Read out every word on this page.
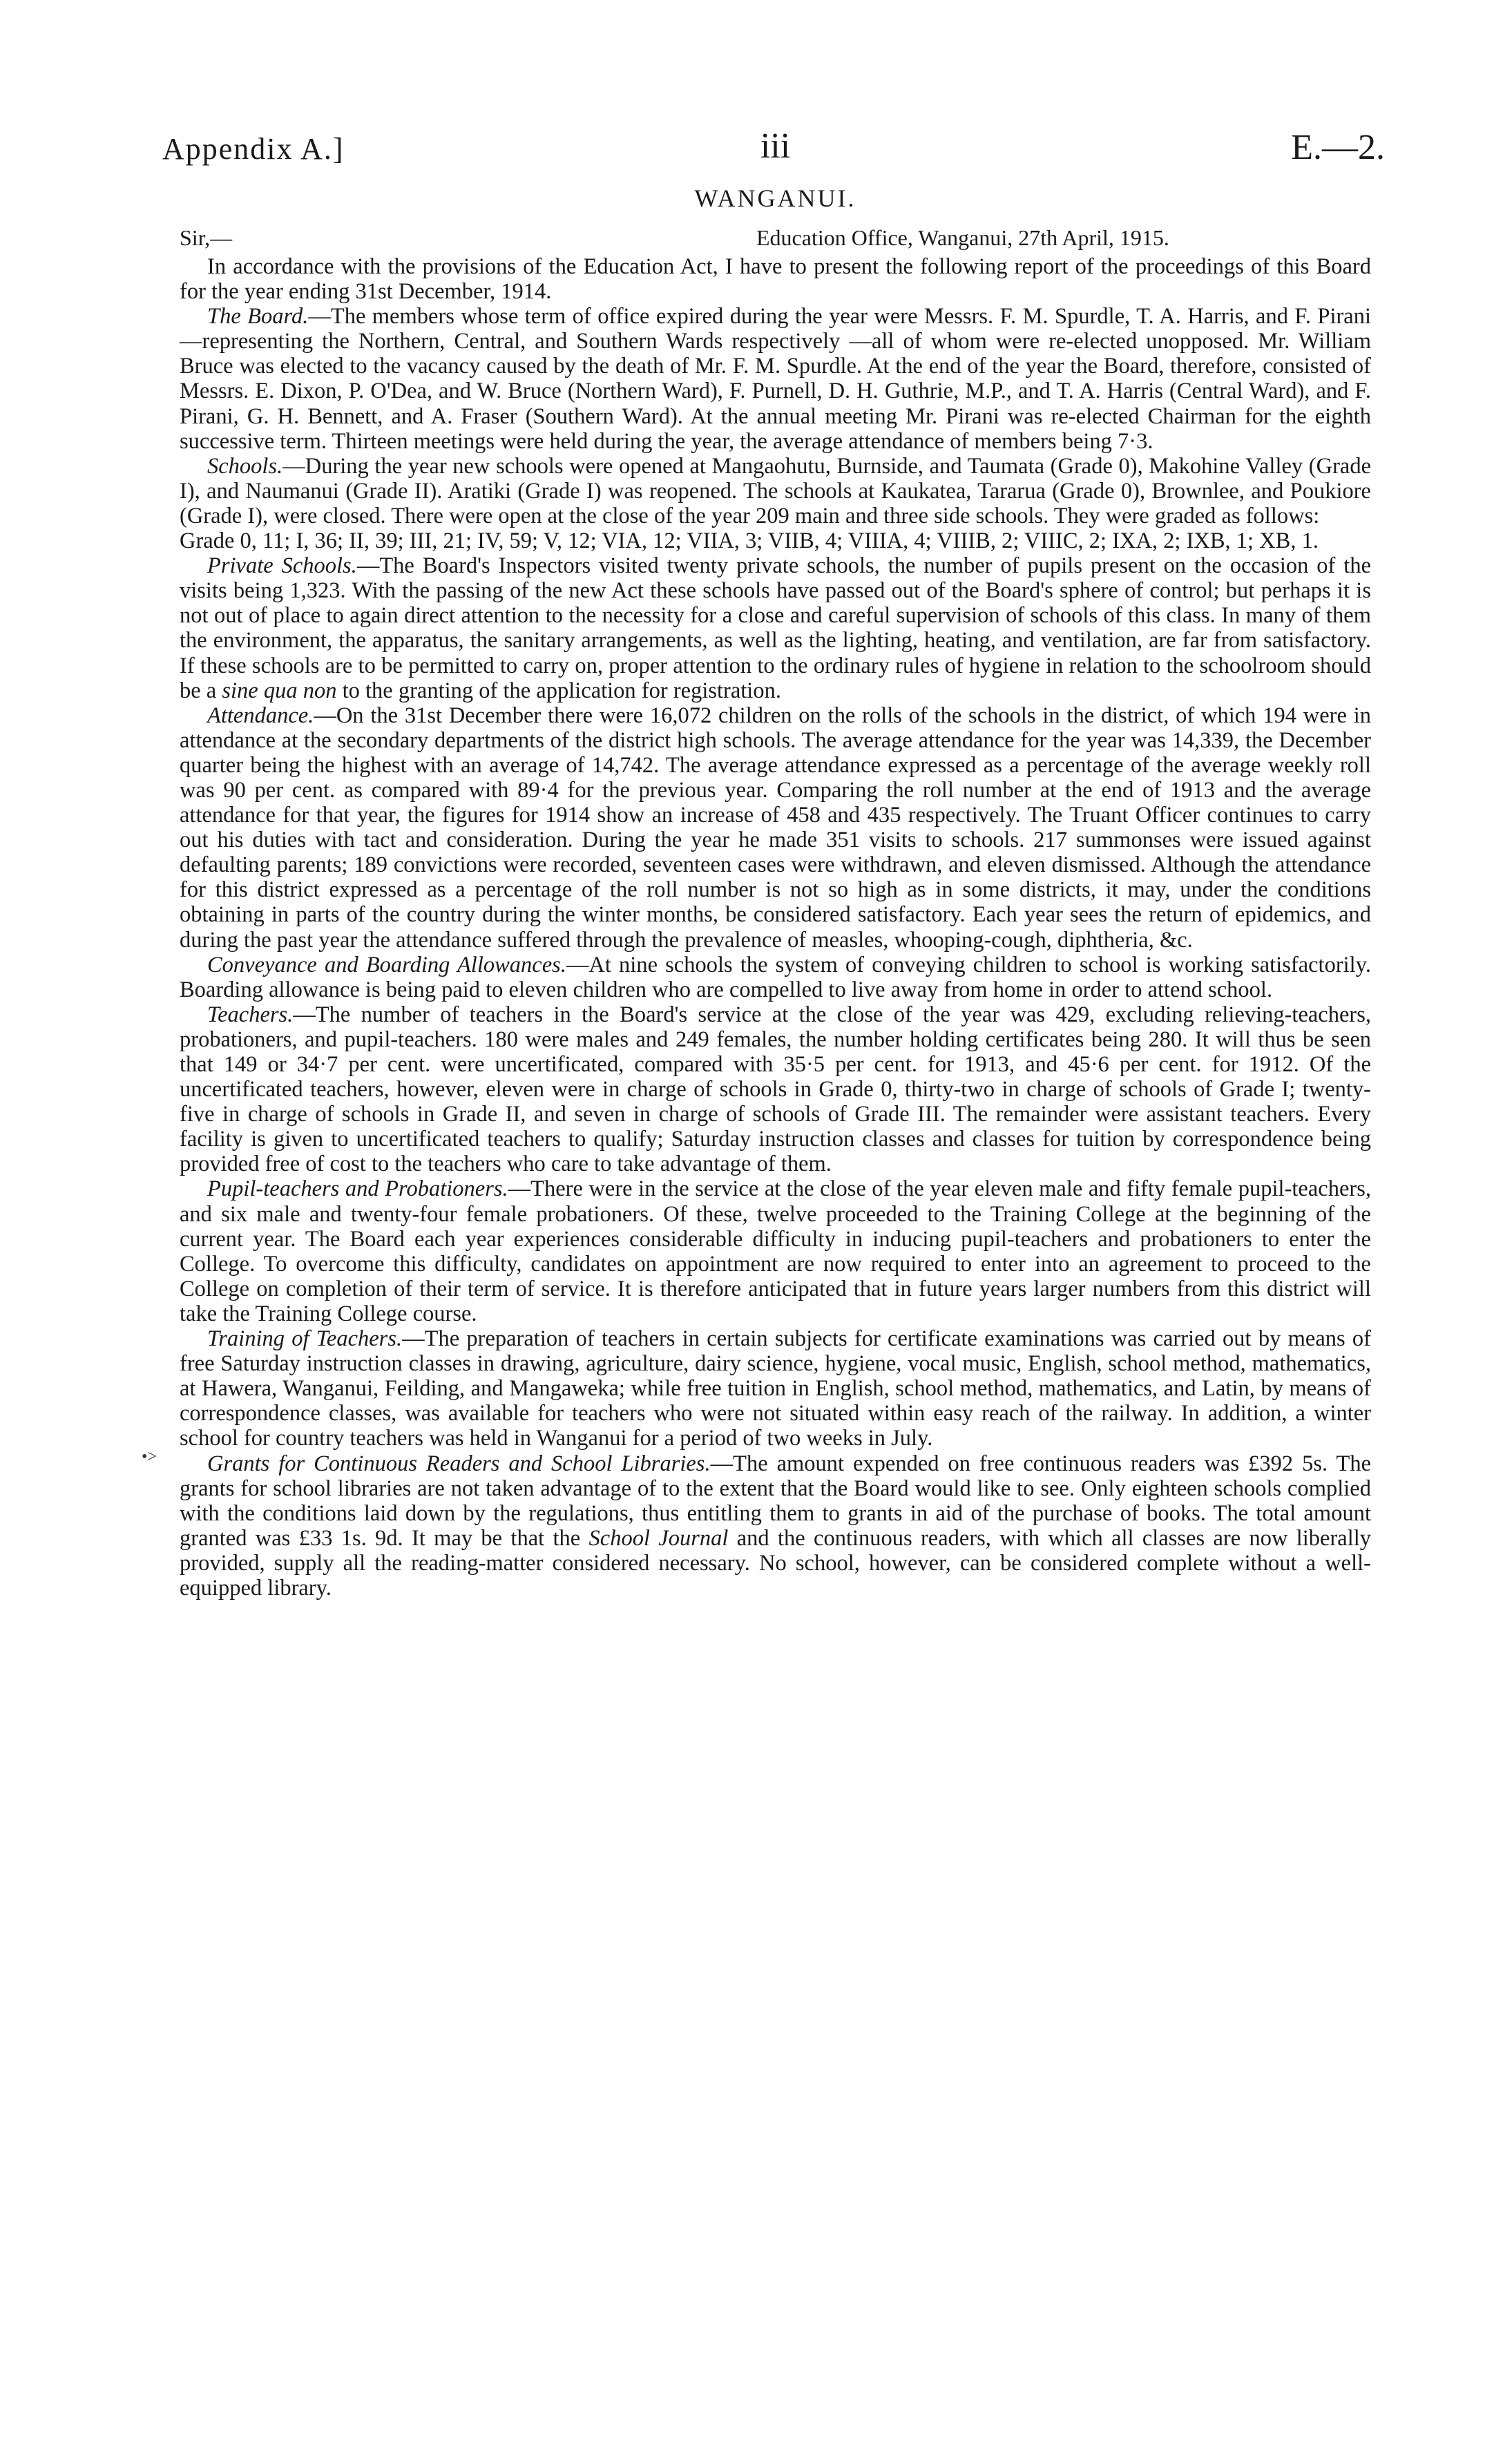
Appendix A.]	iii	E.—2.
WANGANUI.
Sir,—	Education Office, Wanganui, 27th April, 1915.

In accordance with the provisions of the Education Act, I have to present the following report of the proceedings of this Board for the year ending 31st December, 1914.

The Board.—The members whose term of office expired during the year were Messrs. F. M. Spurdle, T. A. Harris, and F. Pirani—representing the Northern, Central, and Southern Wards respectively —all of whom were re-elected unopposed. Mr. William Bruce was elected to the vacancy caused by the death of Mr. F. M. Spurdle. At the end of the year the Board, therefore, consisted of Messrs. E. Dixon, P. O'Dea, and W. Bruce (Northern Ward), F. Purnell, D. H. Guthrie, M.P., and T. A. Harris (Central Ward), and F. Pirani, G. H. Bennett, and A. Fraser (Southern Ward). At the annual meeting Mr. Pirani was re-elected Chairman for the eighth successive term. Thirteen meetings were held during the year, the average attendance of members being 7·3.

Schools.—During the year new schools were opened at Mangaohutu, Burnside, and Taumata (Grade 0), Makohine Valley (Grade I), and Naumanui (Grade II). Aratiki (Grade I) was reopened. The schools at Kaukatea, Tararua (Grade 0), Brownlee, and Poukiore (Grade I), were closed. There were open at the close of the year 209 main and three side schools. They were graded as follows:

Grade 0, 11; I, 36; II, 39; III, 21; IV, 59; V, 12; VIA, 12; VIIA, 3; VIIB, 4; VIIIA, 4; VIIIB, 2; VIIIC, 2; IXA, 2; IXB, 1; XB, 1.

Private Schools.—The Board's Inspectors visited twenty private schools, the number of pupils present on the occasion of the visits being 1,323. With the passing of the new Act these schools have passed out of the Board's sphere of control; but perhaps it is not out of place to again direct attention to the necessity for a close and careful supervision of schools of this class. In many of them the environment, the apparatus, the sanitary arrangements, as well as the lighting, heating, and ventilation, are far from satisfactory. If these schools are to be permitted to carry on, proper attention to the ordinary rules of hygiene in relation to the schoolroom should be a sine qua non to the granting of the application for registration.

Attendance.—On the 31st December there were 16,072 children on the rolls of the schools in the district, of which 194 were in attendance at the secondary departments of the district high schools. The average attendance for the year was 14,339, the December quarter being the highest with an average of 14,742. The average attendance expressed as a percentage of the average weekly roll was 90 per cent. as compared with 89·4 for the previous year. Comparing the roll number at the end of 1913 and the average attendance for that year, the figures for 1914 show an increase of 458 and 435 respectively. The Truant Officer continues to carry out his duties with tact and consideration. During the year he made 351 visits to schools. 217 summonses were issued against defaulting parents; 189 convictions were recorded, seventeen cases were withdrawn, and eleven dismissed. Although the attendance for this district expressed as a percentage of the roll number is not so high as in some districts, it may, under the conditions obtaining in parts of the country during the winter months, be considered satisfactory. Each year sees the return of epidemics, and during the past year the attendance suffered through the prevalence of measles, whooping-cough, diphtheria, &c.

Conveyance and Boarding Allowances.—At nine schools the system of conveying children to school is working satisfactorily. Boarding allowance is being paid to eleven children who are compelled to live away from home in order to attend school.

Teachers.—The number of teachers in the Board's service at the close of the year was 429, excluding relieving-teachers, probationers, and pupil-teachers. 180 were males and 249 females, the number holding certificates being 280. It will thus be seen that 149 or 34·7 per cent. were uncertificated, compared with 35·5 per cent. for 1913, and 45·6 per cent. for 1912. Of the uncertificated teachers, however, eleven were in charge of schools in Grade 0, thirty-two in charge of schools of Grade I; twenty-five in charge of schools in Grade II, and seven in charge of schools of Grade III. The remainder were assistant teachers. Every facility is given to uncertificated teachers to qualify; Saturday instruction classes and classes for tuition by correspondence being provided free of cost to the teachers who care to take advantage of them.

Pupil-teachers and Probationers.—There were in the service at the close of the year eleven male and fifty female pupil-teachers, and six male and twenty-four female probationers. Of these, twelve proceeded to the Training College at the beginning of the current year. The Board each year experiences considerable difficulty in inducing pupil-teachers and probationers to enter the College. To overcome this difficulty, candidates on appointment are now required to enter into an agreement to proceed to the College on completion of their term of service. It is therefore anticipated that in future years larger numbers from this district will take the Training College course.

Training of Teachers.—The preparation of teachers in certain subjects for certificate examinations was carried out by means of free Saturday instruction classes in drawing, agriculture, dairy science, hygiene, vocal music, English, school method, mathematics, at Hawera, Wanganui, Feilding, and Mangaweka; while free tuition in English, school method, mathematics, and Latin, by means of correspondence classes, was available for teachers who were not situated within easy reach of the railway. In addition, a winter school for country teachers was held in Wanganui for a period of two weeks in July.

Grants for Continuous Readers and School Libraries.—The amount expended on free continuous readers was £392 5s. The grants for school libraries are not taken advantage of to the extent that the Board would like to see. Only eighteen schools complied with the conditions laid down by the regulations, thus entitling them to grants in aid of the purchase of books. The total amount granted was £33 1s. 9d. It may be that the School Journal and the continuous readers, with which all classes are now liberally provided, supply all the reading-matter considered necessary. No school, however, can be considered complete without a well-equipped library.

•>
